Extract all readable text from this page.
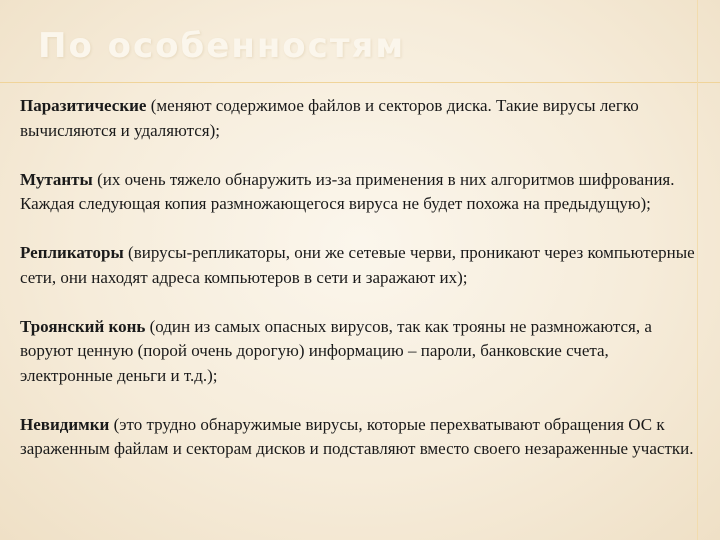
По особенностям

Паразитические (меняют содержимое файлов и секторов диска. Такие вирусы легко вычисляются и удаляются);

Мутанты (их очень тяжело обнаружить из-за применения в них алгоритмов шифрования. Каждая следующая копия размножающегося вируса не будет похожа на предыдущую);

Репликаторы (вирусы-репликаторы, они же сетевые черви, проникают через компьютерные сети, они находят адреса компьютеров в сети и заражают их);

Троянский конь (один из самых опасных вирусов, так как трояны не размножаются, а воруют ценную (порой очень дорогую) информацию – пароли, банковские счета, электронные деньги и т.д.);

Невидимки (это трудно обнаружимые вирусы, которые перехватывают обращения ОС к зараженным файлам и секторам дисков и подставляют вместо своего незараженные участки.
